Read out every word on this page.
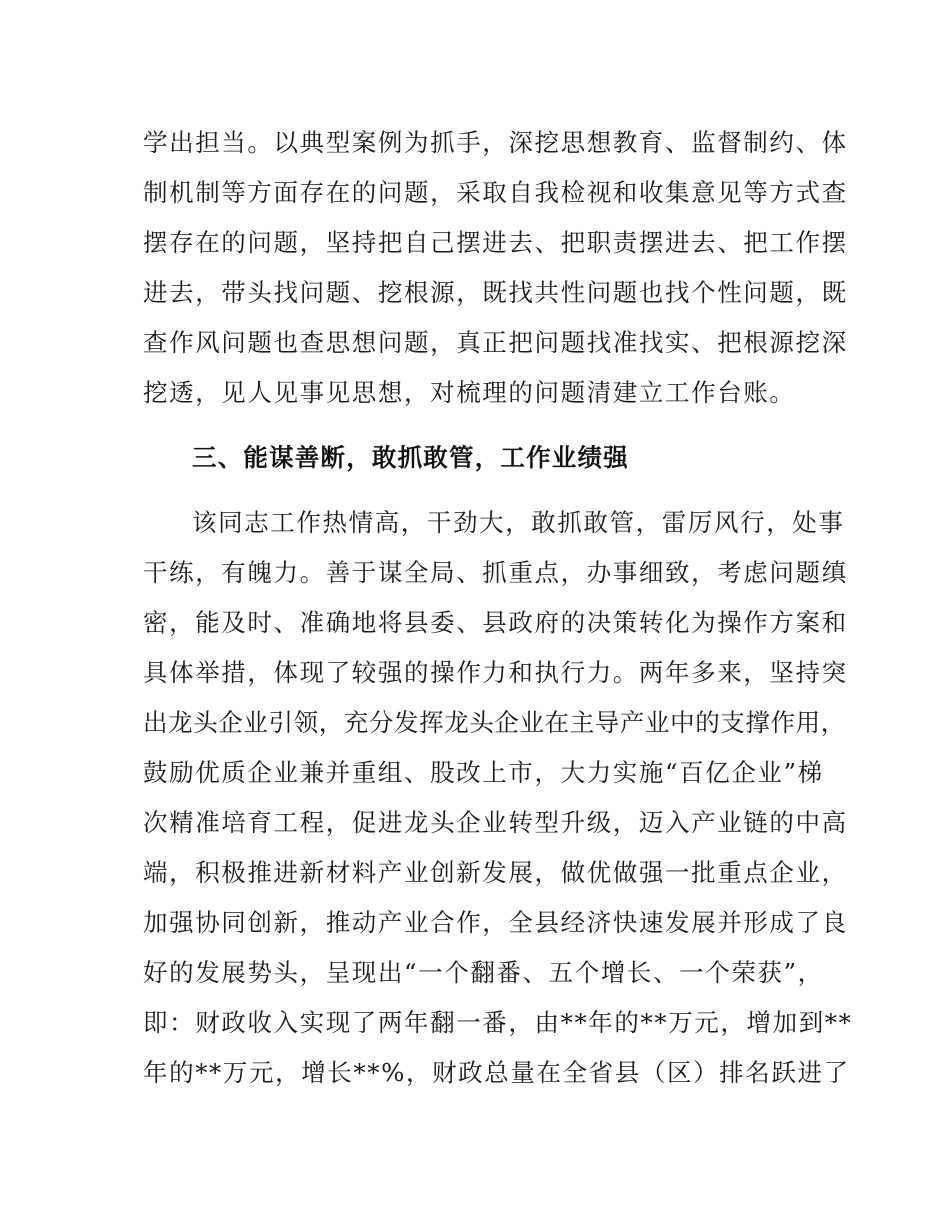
学出担当。以典型案例为抓手，深挖思想教育、监督制约、体
制机制等方面存在的问题，采取自我检视和收集意见等方式查
摆存在的问题，坚持把自己摆进去、把职责摆进去、把工作摆
进去，带头找问题、挖根源，既找共性问题也找个性问题，既
查作风问题也查思想问题，真正把问题找准找实、把根源挖深
挖透，见人见事见思想，对梳理的问题清建立工作台账。
三、能谋善断，敢抓敢管，工作业绩强
该同志工作热情高，干劲大，敢抓敢管，雷厉风行，处事
干练，有魄力。善于谋全局、抓重点，办事细致，考虑问题缜
密，能及时、准确地将县委、县政府的决策转化为操作方案和
具体举措，体现了较强的操作力和执行力。两年多来，坚持突
出龙头企业引领，充分发挥龙头企业在主导产业中的支撑作用，
鼓励优质企业兼并重组、股改上市，大力实施“百亿企业”梯
次精准培育工程，促进龙头企业转型升级，迈入产业链的中高
端，积极推进新材料产业创新发展，做优做强一批重点企业，
加强协同创新，推动产业合作，全县经济快速发展并形成了良
好的发展势头，呈现出“一个翻番、五个增长、一个荣获”，
即：财政收入实现了两年翻一番，由**年的**万元，增加到**
年的**万元，增长**%，财政总量在全省县（区）排名跃进了
